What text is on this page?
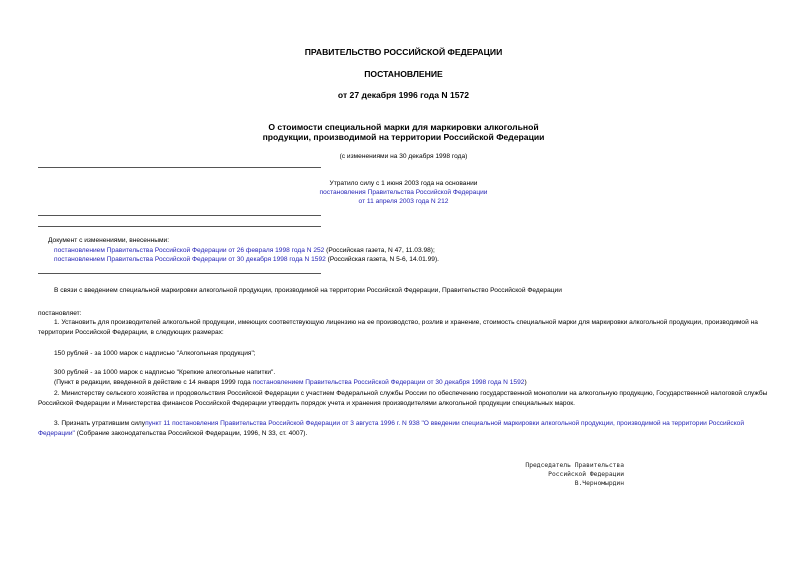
ПРАВИТЕЛЬСТВО РОССИЙСКОЙ ФЕДЕРАЦИИ
ПОСТАНОВЛЕНИЕ
от 27 декабря 1996 года N 1572
О стоимости специальной марки для маркировки алкогольной
продукции, производимой на территории Российской Федерации
(с изменениями на 30 декабря 1998 года)
Утратило силу с 1 июня 2003 года на основании
постановления Правительства Российской Федерации
от 11 апреля 2003 года N 212
Документ с изменениями, внесенными:
постановлением Правительства Российской Федерации от 26 февраля 1998 года N 252 (Российская газета, N 47, 11.03.98);
постановлением Правительства Российской Федерации от 30 декабря 1998 года N 1592 (Российская газета, N 5-6, 14.01.99).
В связи с введением специальной маркировки алкогольной продукции, производимой на территории Российской Федерации, Правительство Российской Федерации
постановляет:
1. Установить для производителей алкогольной продукции, имеющих соответствующую лицензию на ее производство, розлив и хранение, стоимость специальной марки для маркировки алкогольной продукции, производимой на территории Российской Федерации, в следующих размерах:
150 рублей - за 1000 марок с надписью "Алкогольная продукция";
300 рублей - за 1000 марок с надписью "Крепкие алкогольные напитки".
(Пункт в редакции, введенной в действие с 14 января 1999 года постановлением Правительства Российской Федерации от 30 декабря 1998 года N 1592)
2. Министерству сельского хозяйства и продовольствия Российской Федерации с участием Федеральной службы России по обеспечению государственной монополии на алкогольную продукцию, Государственной налоговой службы Российской Федерации и Министерства финансов Российской Федерации утвердить порядок учета и хранения производителями алкогольной продукции специальных марок.
3. Признать утратившим силупункт 11 постановления Правительства Российской Федерации от 3 августа 1996 г. N 938 "О введении специальной маркировки алкогольной продукции, производимой на территории Российской Федерации" (Собрание законодательства Российской Федерации, 1996, N 33, ст. 4007).
Председатель Правительства
Российской Федерации
В.Черномырдин
